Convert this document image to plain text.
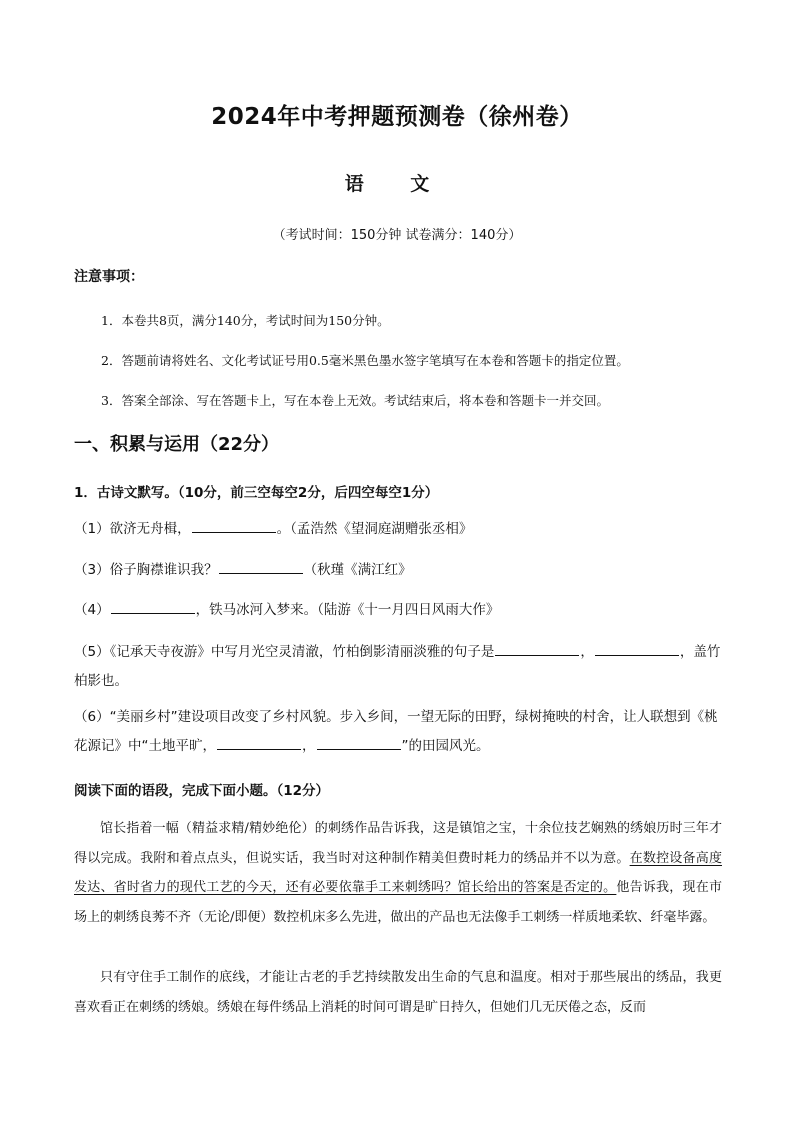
2024年中考押题预测卷（徐州卷）
语 文
（考试时间：150分钟 试卷满分：140分）
注意事项：
1．本卷共8页，满分140分，考试时间为150分钟。
2．答题前请将姓名、文化考试证号用0.5毫米黑色墨水签字笔填写在本卷和答题卡的指定位置。
3．答案全部涂、写在答题卡上，写在本卷上无效。考试结束后，将本卷和答题卡一并交回。
一、积累与运用（22分）
1．古诗文默写。（10分，前三空每空2分，后四空每空1分）
（1）欲济无舟楫，	。（孟浩然《望洞庭湖赠张丞相》
（3）俗子胸襟谁识我？	（秋瑾《满江红》
（4）	，铁马冰河入梦来。（陆游《十一月四日风雨大作》
（5）《记承天寺夜游》中写月光空灵清澈，竹柏倒影清丽淡雅的句子是	，	，盖竹柏影也。
（6）“美丽乡村”建设项目改变了乡村风貌。步入乡间，一望无际的田野，绿树掩映的村舍，让人联想到《桃花源记》中“土地平旷，	，	”的田园风光。
阅读下面的语段，完成下面小题。（12分）
馆长指着一幅（精益求精/精妙绝伦）的刺绣作品告诉我，这是镇馆之宝，十余位技艺娴熟的绣娘历时三年才得以完成。我附和着点点头，但说实话，我当时对这种制作精美但费时耗力的绣品并不以为意。在数控设备高度发达、省时省力的现代工艺的今天，还有必要依靠手工来刺绣吗？馆长给出的答案是否定的。他告诉我，现在市场上的刺绣良莠不齐（无论/即便）数控机床多么先进，做出的产品也无法像手工刺绣一样质地柔软、纤毫毕露。
只有守住手工制作的底线，才能让古老的手艺持续散发出生命的气息和温度。相对于那些展出的绣品，我更喜欢看正在刺绣的绣娘。绣娘在每件绣品上消耗的时间可谓是旷日持久，但她们几无厌倦之态，反而
